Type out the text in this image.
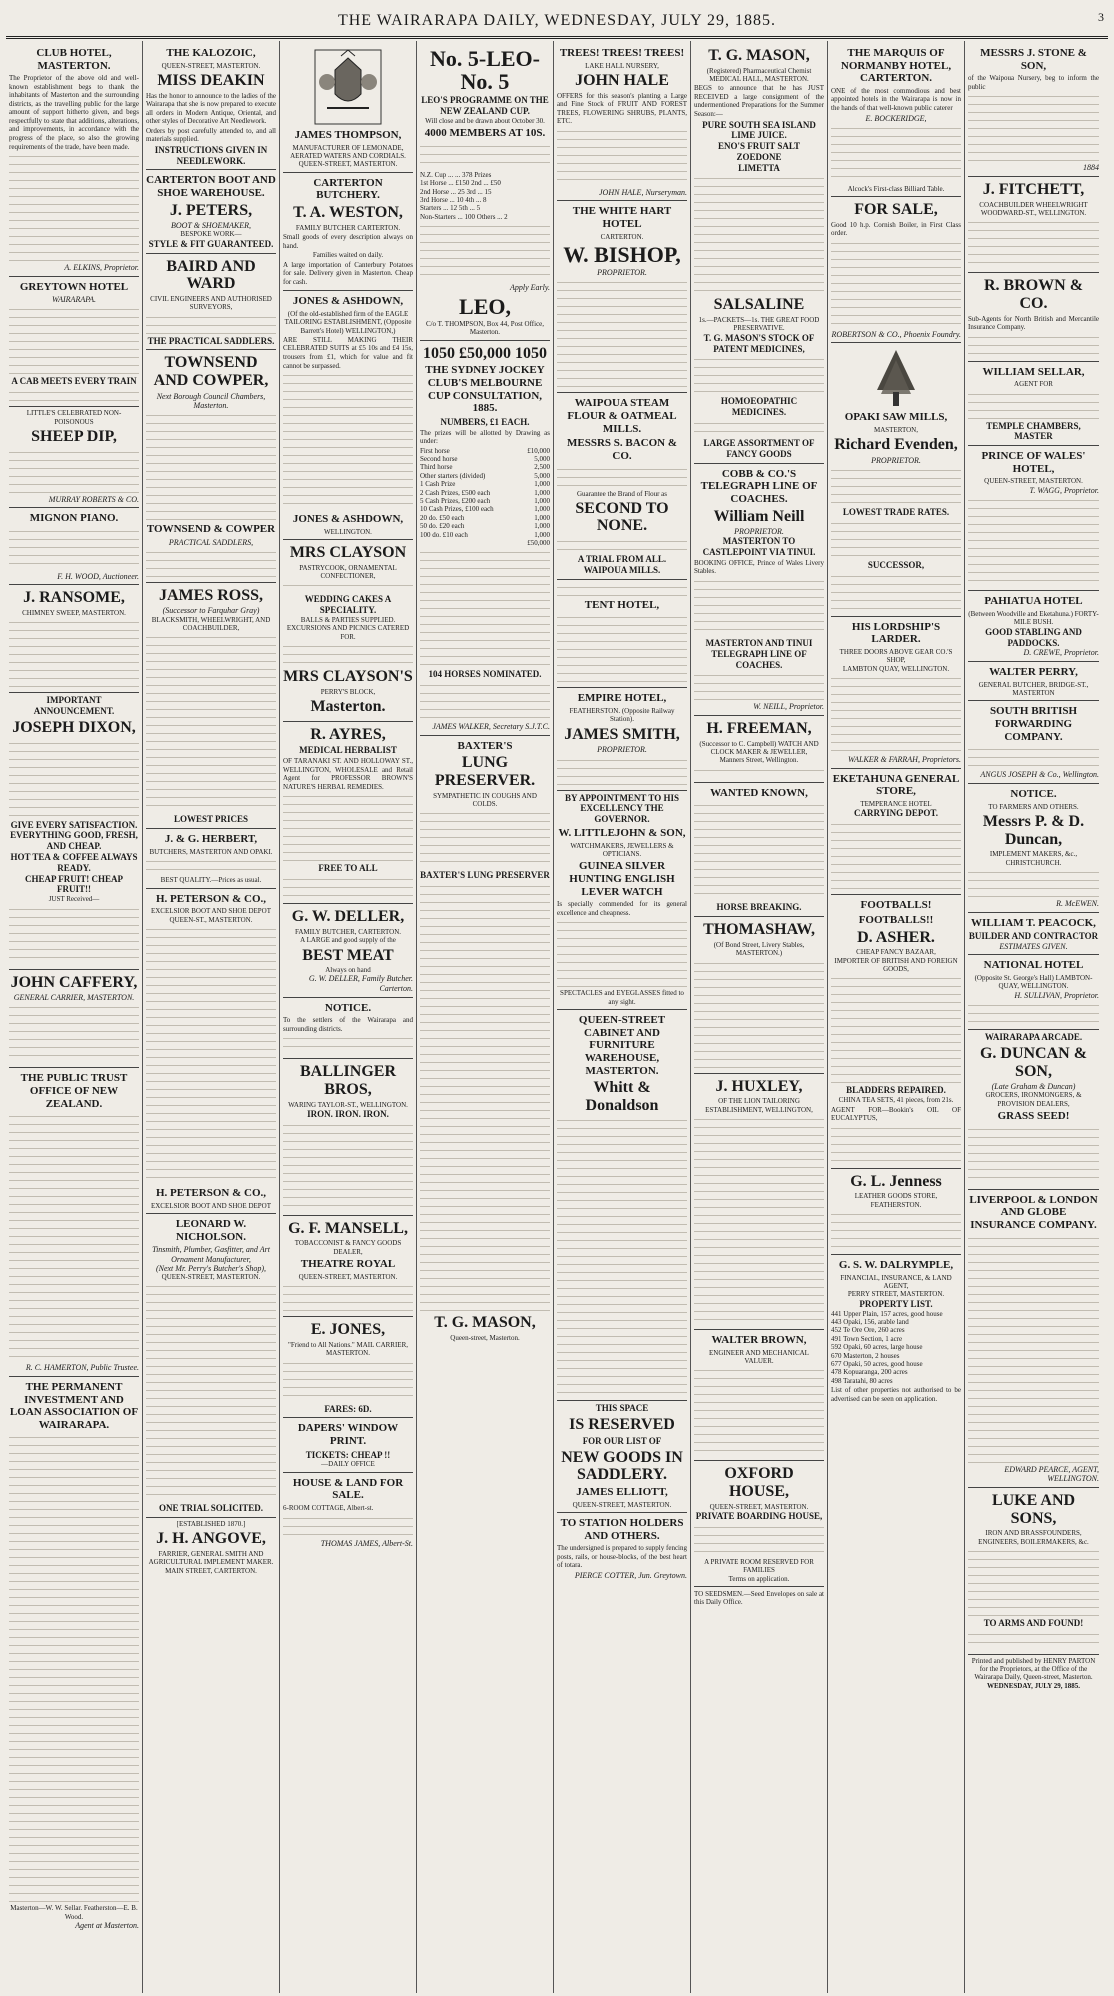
THE WAIRARAPA DAILY, WEDNESDAY, JULY 29, 1885.	3
CLUB HOTEL, MASTERTON.
The Proprietor of the above old and well-known establishment begs to thank the inhabitants of Masterton and the surrounding districts, as the travelling public for the large amount of support hitherto given, and begs respectfully to state that additions, alterations, and improvements, in accordance with the progress of the place, so also the growing requirements of the trade, have been made.
A. ELKINS, Proprietor.
GREYTOWN HOTEL
WAIRARAPA.
A CAB MEETS EVERY TRAIN
LITTLE'S CELEBRATED NON-POISONOUS
SHEEP DIP,
MURRAY ROBERTS & CO.
MIGNON PIANO.
F. H. WOOD, Auctioneer.
J. RANSOME,
CHIMNEY SWEEP, MASTERTON.
IMPORTANT ANNOUNCEMENT.
JOSEPH DIXON,
GIVE EVERY SATISFACTION.
EVERYTHING GOOD, FRESH, AND CHEAP.
HOT TEA & COFFEE ALWAYS READY.
CHEAP FRUIT! CHEAP FRUIT!!
JUST Received—
JOHN CAFFERY,
GENERAL CARRIER, MASTERTON.
THE PUBLIC TRUST OFFICE OF NEW ZEALAND.
R. C. HAMERTON, Public Trustee.
THE PERMANENT INVESTMENT AND LOAN ASSOCIATION OF WAIRARAPA.
Masterton—W. W. Sellar. Featherston—E. B. Wood.
Agent at Masterton.
THE KALOZOIC,
QUEEN-STREET, MASTERTON.
MISS DEAKIN
Has the honor to announce to the ladies of the Wairarapa that she is now prepared to execute all orders in Modern Antique, Oriental, and other styles of Decorative Art Needlework.
Orders by post carefully attended to, and all materials supplied.
INSTRUCTIONS GIVEN IN NEEDLEWORK.
CARTERTON BOOT AND SHOE WAREHOUSE.
J. PETERS,
BOOT & SHOEMAKER,
BESPOKE WORK—
STYLE & FIT GUARANTEED.
BAIRD AND WARD
CIVIL ENGINEERS AND AUTHORISED SURVEYORS,
THE PRACTICAL SADDLERS.
TOWNSEND AND COWPER,
Next Borough Council Chambers, Masterton.
TOWNSEND & COWPER
PRACTICAL SADDLERS,
JAMES ROSS,
(Successor to Farquhar Gray)
BLACKSMITH, WHEELWRIGHT, AND COACHBUILDER,
LOWEST PRICES
J. & G. HERBERT,
BUTCHERS, MASTERTON AND OPAKI.
BEST QUALITY.—Prices as usual.
H. PETERSON & CO.,
EXCELSIOR BOOT AND SHOE DEPOT
QUEEN-ST., MASTERTON.
H. PETERSON & CO.,
EXCELSIOR BOOT AND SHOE DEPOT
LEONARD W. NICHOLSON.
Tinsmith, Plumber, Gasfitter, and Art Ornament Manufacturer,
(Next Mr. Perry's Butcher's Shop),
QUEEN-STREET, MASTERTON.
ONE TRIAL SOLICITED.
[ESTABLISHED 1870.]
J. H. ANGOVE,
FARRIER, GENERAL SMITH AND AGRICULTURAL IMPLEMENT MAKER.
MAIN STREET, CARTERTON.
JAMES THOMPSON,
MANUFACTURER OF LEMONADE, AERATED WATERS AND CORDIALS.
QUEEN-STREET, MASTERTON.
CARTERTON BUTCHERY.
T. A. WESTON,
FAMILY BUTCHER CARTERTON.
Small goods of every description always on hand.
Families waited on daily.
A large importation of Canterbury Potatoes for sale. Delivery given in Masterton. Cheap for cash.
JONES & ASHDOWN,
(Of the old-established firm of the EAGLE TAILORING ESTABLISHMENT, (Opposite Barrett's Hotel) WELLINGTON,)
ARE STILL MAKING THEIR CELEBRATED SUITS at £5 10s and £4 15s, trousers from £1, which for value and fit cannot be surpassed.
JONES & ASHDOWN,
WELLINGTON.
MRS CLAYSON
PASTRYCOOK, ORNAMENTAL CONFECTIONER,
WEDDING CAKES A SPECIALITY.
BALLS & PARTIES SUPPLIED.
EXCURSIONS AND PICNICS CATERED FOR.
MRS CLAYSON'S
PERRY'S BLOCK,
Masterton.
R. AYRES,
MEDICAL HERBALIST
OF TARANAKI ST. AND HOLLOWAY ST., WELLINGTON, WHOLESALE and Retail Agent for PROFESSOR BROWN'S NATURE'S HERBAL REMEDIES.
FREE TO ALL
G. W. DELLER,
FAMILY BUTCHER, CARTERTON.
A LARGE and good supply of the
BEST MEAT
Always on hand
G. W. DELLER, Family Butcher. Carterton.
NOTICE.
To the settlers of the Wairarapa and surrounding districts.
BALLINGER BROS,
WARING TAYLOR-ST., WELLINGTON.
IRON. IRON. IRON.
G. F. MANSELL,
TOBACCONIST & FANCY GOODS DEALER,
THEATRE ROYAL
QUEEN-STREET, MASTERTON.
E. JONES,
"Friend to All Nations." MAIL CARRIER, MASTERTON.
FARES: 6D.
DAPERS' WINDOW PRINT.
TICKETS: CHEAP !!
—DAILY OFFICE
HOUSE & LAND FOR SALE.
6-ROOM COTTAGE, Albert-st.
THOMAS JAMES, Albert-St.
No. 5-LEO-No. 5
LEO'S PROGRAMME ON THE NEW ZEALAND CUP.
Will close and be drawn about October 30.
4000 MEMBERS AT 10S.
N.Z. Cup ... ... 378 Prizes
1st Horse ... £150 2nd ... £50
2nd Horse ... 25 3rd ... 15
3rd Horse ... 10 4th ... 8
Starters ... 12 5th ... 5
Non-Starters ... 100 Others ... 2
Apply Early.
LEO,
C/o T. THOMPSON, Box 44, Post Office, Masterton.
1050 £50,000 1050
THE SYDNEY JOCKEY CLUB'S MELBOURNE CUP CONSULTATION, 1885.
NUMBERS, £1 EACH.
The prizes will be allotted by Drawing as under:
First horse	£10,000
Second horse	5,000
Third horse	2,500
Other starters (divided)	5,000
1 Cash Prize	1,000
2 Cash Prizes, £500 each	1,000
5 Cash Prizes, £200 each	1,000
10 Cash Prizes, £100 each	1,000
20 do. £50 each	1,000
50 do. £20 each	1,000
100 do. £10 each	1,000
£50,000
104 HORSES NOMINATED.
JAMES WALKER, Secretary S.J.T.C.
BAXTER'S
LUNG PRESERVER.
SYMPATHETIC IN COUGHS AND COLDS.
BAXTER'S LUNG PRESERVER
T. G. MASON,
Queen-street, Masterton.
TREES! TREES! TREES!
LAKE HALL NURSERY,
JOHN HALE
OFFERS for this season's planting a Large and Fine Stock of FRUIT AND FOREST TREES, FLOWERING SHRUBS, PLANTS, ETC.
JOHN HALE, Nurseryman.
THE WHITE HART HOTEL
CARTERTON.
W. BISHOP,
PROPRIETOR.
WAIPOUA STEAM FLOUR & OATMEAL MILLS.
MESSRS S. BACON & CO.
Guarantee the Brand of Flour as
SECOND TO NONE.
A TRIAL FROM ALL.
WAIPOUA MILLS.
TENT HOTEL,
EMPIRE HOTEL,
FEATHERSTON. (Opposite Railway Station).
JAMES SMITH,
PROPRIETOR.
BY APPOINTMENT TO HIS EXCELLENCY THE GOVERNOR.
W. LITTLEJOHN & SON,
WATCHMAKERS, JEWELLERS & OPTICIANS.
GUINEA SILVER HUNTING ENGLISH LEVER WATCH
Is specially commended for its general excellence and cheapness.
SPECTACLES and EYEGLASSES fitted to any sight.
QUEEN-STREET CABINET AND FURNITURE WAREHOUSE, MASTERTON.
Whitt & Donaldson
THIS SPACE
IS RESERVED
FOR OUR LIST OF
NEW GOODS IN SADDLERY.
JAMES ELLIOTT,
QUEEN-STREET, MASTERTON.
TO STATION HOLDERS AND OTHERS.
The undersigned is prepared to supply fencing posts, rails, or house-blocks, of the best heart of totara.
PIERCE COTTER, Jun. Greytown.
T. G. MASON,
(Registered) Pharmaceutical Chemist MEDICAL HALL, MASTERTON.
BEGS to announce that he has JUST RECEIVED a large consignment of the undermentioned Preparations for the Summer Season:—
PURE SOUTH SEA ISLAND LIME JUICE.
ENO'S FRUIT SALT
ZOEDONE
LIMETTA
SALSALINE
1s.—PACKETS—1s. THE GREAT FOOD PRESERVATIVE.
T. G. MASON'S STOCK OF PATENT MEDICINES,
HOMOEOPATHIC MEDICINES.
LARGE ASSORTMENT OF FANCY GOODS
COBB & CO.'S TELEGRAPH LINE OF COACHES.
William Neill
PROPRIETOR.
MASTERTON TO CASTLEPOINT VIA TINUI.
BOOKING OFFICE, Prince of Wales Livery Stables.
MASTERTON AND TINUI TELEGRAPH LINE OF COACHES.
W. NEILL, Proprietor.
H. FREEMAN,
(Successor to C. Campbell) WATCH AND CLOCK MAKER & JEWELLER,
Manners Street, Wellington.
WANTED KNOWN,
HORSE BREAKING.
THOMASHAW,
(Of Bond Street, Livery Stables, MASTERTON.)
J. HUXLEY,
OF THE LION TAILORING ESTABLISHMENT, WELLINGTON,
WALTER BROWN,
ENGINEER AND MECHANICAL VALUER.
OXFORD HOUSE,
QUEEN-STREET, MASTERTON.
PRIVATE BOARDING HOUSE,
A PRIVATE ROOM RESERVED FOR FAMILIES
Terms on application.
TO SEEDSMEN.—Seed Envelopes on sale at this Daily Office.
THE MARQUIS OF NORMANBY HOTEL, CARTERTON.
ONE of the most commodious and best appointed hotels in the Wairarapa is now in the hands of that well-known public caterer
E. BOCKERIDGE,
Alcock's First-class Billiard Table.
FOR SALE,
Good 10 h.p. Cornish Boiler, in First Class order.
ROBERTSON & CO., Phoenix Foundry.
OPAKI SAW MILLS,
MASTERTON,
Richard Evenden,
PROPRIETOR.
LOWEST TRADE RATES.
SUCCESSOR,
HIS LORDSHIP'S LARDER.
THREE DOORS ABOVE GEAR CO.'S SHOP,
LAMBTON QUAY, WELLINGTON.
WALKER & FARRAH, Proprietors.
EKETAHUNA GENERAL STORE,
TEMPERANCE HOTEL
CARRYING DEPOT.
FOOTBALLS!
FOOTBALLS!!
D. ASHER.
CHEAP FANCY BAZAAR,
IMPORTER OF BRITISH AND FOREIGN GOODS,
BLADDERS REPAIRED.
CHINA TEA SETS, 41 pieces, from 21s.
AGENT FOR—Bookin's OIL OF EUCALYPTUS,
G. L. Jenness
LEATHER GOODS STORE, FEATHERSTON.
G. S. W. DALRYMPLE,
FINANCIAL, INSURANCE, & LAND AGENT,
PERRY STREET, MASTERTON.
PROPERTY LIST.
441 Upper Plain, 157 acres, good house
443 Opaki, 156, arable land
452 Te Ore Ore, 260 acres
491 Town Section, 1 acre
592 Opaki, 60 acres, large house
670 Masterton, 2 houses
677 Opaki, 50 acres, good house
478 Kopuaranga, 200 acres
498 Taratahi, 80 acres
List of other properties not authorised to be advertised can be seen on application.
MESSRS J. STONE & SON,
of the Waipoua Nursery, beg to inform the public
1884
J. FITCHETT,
COACHBUILDER WHEELWRIGHT
WOODWARD-ST., WELLINGTON.
R. BROWN & CO.
Sub-Agents for North British and Mercantile Insurance Company.
WILLIAM SELLAR,
AGENT FOR
TEMPLE CHAMBERS, MASTER
PRINCE OF WALES' HOTEL,
QUEEN-STREET, MASTERTON.
T. WAGG, Proprietor.
PAHIATUA HOTEL
(Between Woodville and Eketahuna.) FORTY-MILE BUSH.
GOOD STABLING AND PADDOCKS.
D. CREWE, Proprietor.
WALTER PERRY,
GENERAL BUTCHER, BRIDGE-ST., MASTERTON
SOUTH BRITISH FORWARDING COMPANY.
ANGUS JOSEPH & Co., Wellington.
NOTICE.
TO FARMERS AND OTHERS.
Messrs P. & D. Duncan,
IMPLEMENT MAKERS, &c., CHRISTCHURCH.
R. McEWEN.
WILLIAM T. PEACOCK,
BUILDER AND CONTRACTOR
ESTIMATES GIVEN.
NATIONAL HOTEL
(Opposite St. George's Hall) LAMBTON-QUAY, WELLINGTON.
H. SULLIVAN, Proprietor.
WAIRARAPA ARCADE.
G. DUNCAN & SON,
(Late Graham & Duncan)
GROCERS, IRONMONGERS, & PROVISION DEALERS,
GRASS SEED!
LIVERPOOL & LONDON AND GLOBE INSURANCE COMPANY.
EDWARD PEARCE, AGENT, WELLINGTON.
LUKE AND SONS,
IRON AND BRASSFOUNDERS, ENGINEERS, BOILERMAKERS, &c.
TO ARMS AND FOUND!
Printed and published by HENRY PARTON for the Proprietors, at the Office of the Wairarapa Daily, Queen-street, Masterton.
WEDNESDAY, JULY 29, 1885.
